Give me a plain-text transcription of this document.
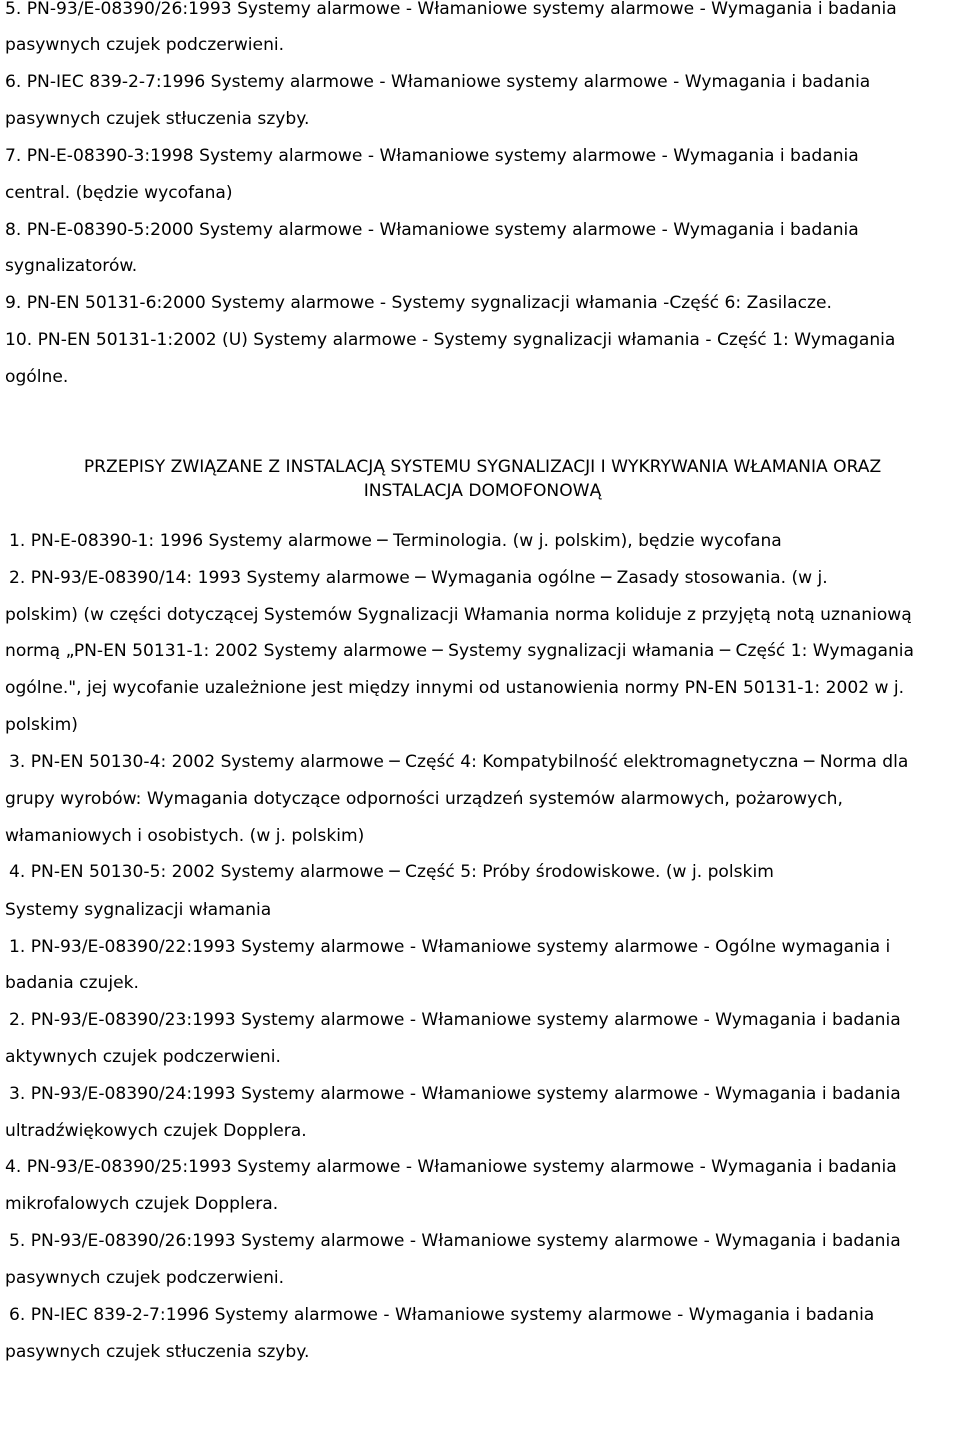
5. PN-93/E-08390/26:1993 Systemy alarmowe - Włamaniowe systemy alarmowe - Wymagania i badania
pasywnych czujek podczerwieni.
6. PN-IEC 839-2-7:1996 Systemy alarmowe - Włamaniowe systemy alarmowe - Wymagania i badania
pasywnych czujek stłuczenia szyby.
7. PN-E-08390-3:1998 Systemy alarmowe - Włamaniowe systemy alarmowe - Wymagania i badania
central. (będzie wycofana)
8. PN-E-08390-5:2000 Systemy alarmowe - Włamaniowe systemy alarmowe - Wymagania i badania
sygnalizatorów.
9. PN-EN 50131-6:2000 Systemy alarmowe - Systemy sygnalizacji włamania -Część 6: Zasilacze.
10. PN-EN 50131-1:2002 (U) Systemy alarmowe - Systemy sygnalizacji włamania - Część 1: Wymagania
ogólne.
PRZEPISY ZWIĄZANE Z INSTALACJĄ SYSTEMU SYGNALIZACJI I WYKRYWANIA WŁAMANIA ORAZ
INSTALACJA DOMOFONOWĄ
1. PN-E-08390-1: 1996 Systemy alarmowe ─ Terminologia. (w j. polskim), będzie wycofana
2. PN-93/E-08390/14: 1993 Systemy alarmowe ─ Wymagania ogólne ─ Zasady stosowania. (w j.
polskim) (w części dotyczącej Systemów Sygnalizacji Włamania norma koliduje z przyjętą notą uznaniową
normą „PN-EN 50131-1: 2002 Systemy alarmowe ─ Systemy sygnalizacji włamania ─ Część 1: Wymagania
ogólne.", jej wycofanie uzależnione jest między innymi od ustanowienia normy PN-EN 50131-1: 2002 w j.
polskim)
3. PN-EN 50130-4: 2002 Systemy alarmowe ─ Część 4: Kompatybilność elektromagnetyczna ─ Norma dla
grupy wyrobów: Wymagania dotyczące odporności urządzeń systemów alarmowych, pożarowych,
włamaniowych i osobistych. (w j. polskim)
4. PN-EN 50130-5: 2002 Systemy alarmowe ─ Część 5: Próby środowiskowe. (w j. polskim
Systemy sygnalizacji włamania
1. PN-93/E-08390/22:1993 Systemy alarmowe - Włamaniowe systemy alarmowe - Ogólne wymagania i
badania czujek.
2. PN-93/E-08390/23:1993 Systemy alarmowe - Włamaniowe systemy alarmowe - Wymagania i badania
aktywnych czujek podczerwieni.
3. PN-93/E-08390/24:1993 Systemy alarmowe - Włamaniowe systemy alarmowe - Wymagania i badania
ultradźwiękowych czujek Dopplera.
4. PN-93/E-08390/25:1993 Systemy alarmowe - Włamaniowe systemy alarmowe - Wymagania i badania
mikrofalowych czujek Dopplera.
5. PN-93/E-08390/26:1993 Systemy alarmowe - Włamaniowe systemy alarmowe - Wymagania i badania
pasywnych czujek podczerwieni.
6. PN-IEC 839-2-7:1996 Systemy alarmowe - Włamaniowe systemy alarmowe - Wymagania i badania
pasywnych czujek stłuczenia szyby.
